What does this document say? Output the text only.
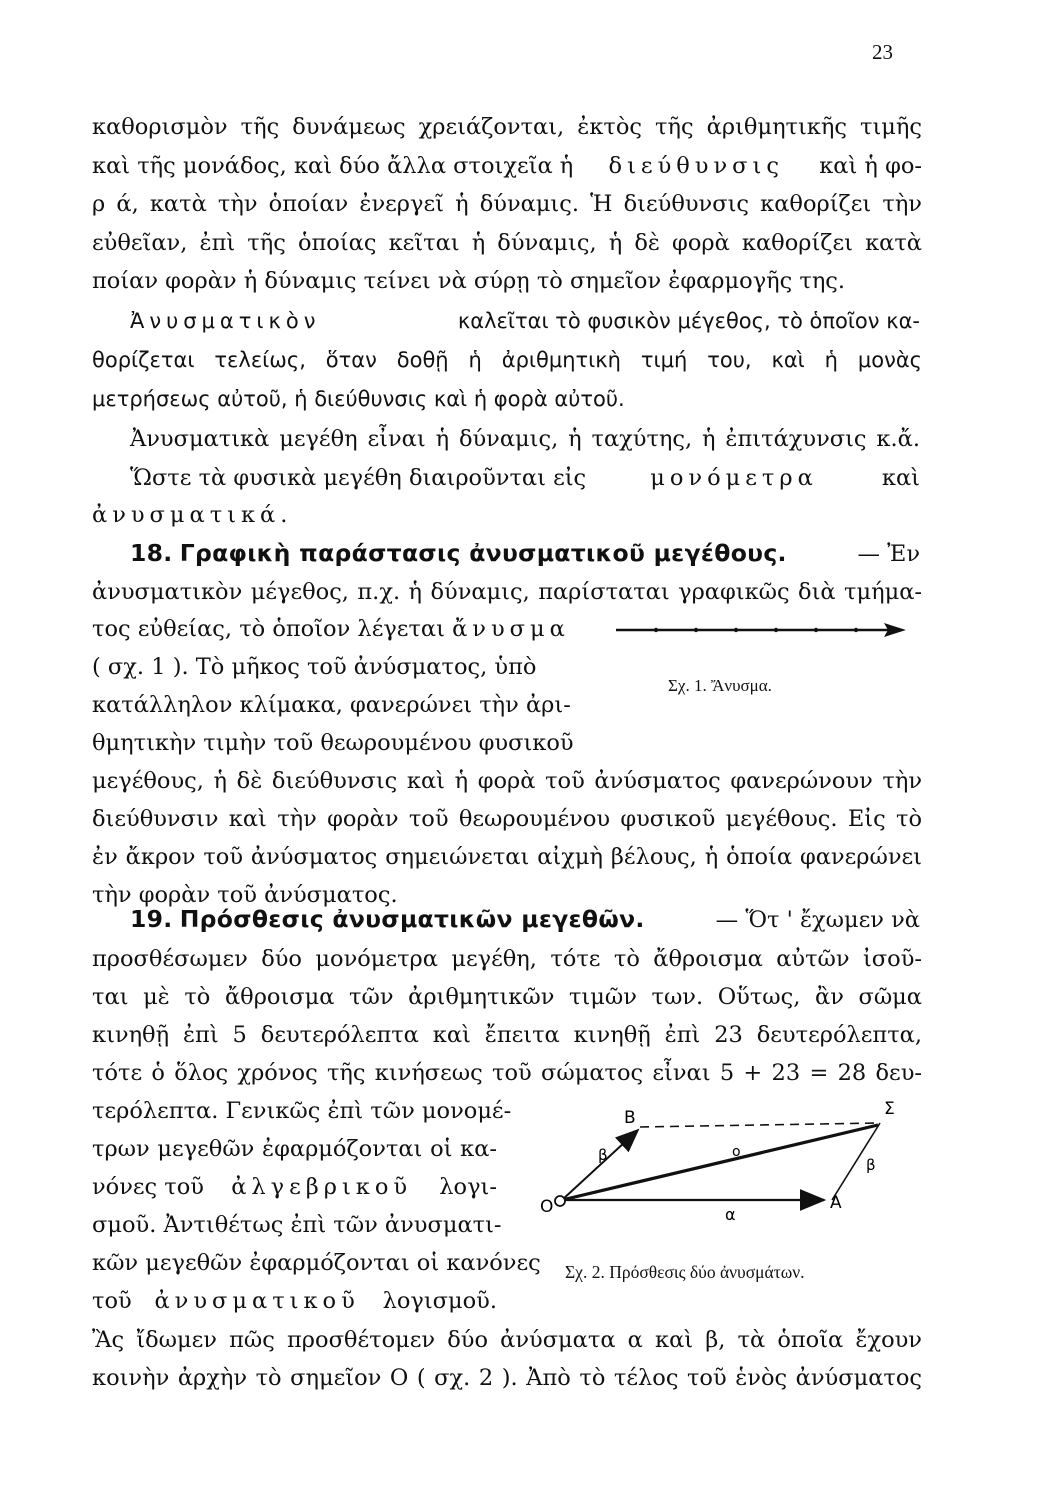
23
καθορισμὸν τῆς δυνάμεως χρειάζονται, ἐκτὸς τῆς ἀριθμητικῆς τιμῆς
καὶ τῆς μονάδος, καὶ δύο ἄλλα στοιχεῖα ἡ διεύθυνσις καὶ ἡ φο-
ρ ά, κατὰ τὴν ὁποίαν ἐνεργεῖ ἡ δύναμις. Ἡ διεύθυνσις καθορίζει τὴν
εὐθεῖαν, ἐπὶ τῆς ὁποίας κεῖται ἡ δύναμις, ἡ δὲ φορὰ καθορίζει κατὰ
ποίαν φορὰν ἡ δύναμις τείνει νὰ σύρῃ τὸ σημεῖον ἐφαρμογῆς της.
Ἀνυσματικὸν	καλεῖται τὸ φυσικὸν μέγεθος, τὸ ὁποῖον κα-
θορίζεται τελείως, ὅταν δοθῇ ἡ ἀριθμητικὴ τιμή του, καὶ ἡ μονὰς
μετρήσεως αὐτοῦ, ἡ διεύθυνσις καὶ ἡ φορὰ αὐτοῦ.
Ἀνυσματικὰ μεγέθη εἶναι ἡ δύναμις, ἡ ταχύτης, ἡ ἐπιτάχυνσις κ.ἄ.
Ὥστε τὰ φυσικὰ μεγέθη διαιροῦνται εἰς	μονόμετρα	καὶ
ἀνυσματικά.
18. Γραφικὴ παράστασις ἀνυσματικοῦ μεγέθους.	— Ἐν
ἀνυσματικὸν μέγεθος, π.χ. ἡ δύναμις, παρίσταται γραφικῶς διὰ τμήμα-
τος εὐθείας, τὸ ὁποῖον λέγεται ἄνυσμα
( σχ. 1 ). Τὸ μῆκος τοῦ ἀνύσματος, ὑπὸ
κατάλληλον κλίμακα, φανερώνει τὴν ἀρι-
θμητικὴν τιμὴν τοῦ θεωρουμένου φυσικοῦ
μεγέθους, ἡ δὲ διεύθυνσις καὶ ἡ φορὰ τοῦ ἀνύσματος φανερώνουν τὴν
διεύθυνσιν καὶ τὴν φορὰν τοῦ θεωρουμένου φυσικοῦ μεγέθους. Εἰς τὸ
ἐν ἄκρον τοῦ ἀνύσματος σημειώνεται αἰχμὴ βέλους, ἡ ὁποία φανερώνει
τὴν φορὰν τοῦ ἀνύσματος.
Σχ. 1. Ἄνυσμα.
19. Πρόσθεσις ἀνυσματικῶν μεγεθῶν.	— Ὅτ ' ἔχωμεν νὰ
προσθέσωμεν δύο μονόμετρα μεγέθη, τότε τὸ ἄθροισμα αὐτῶν ἰσοῦ-
ται μὲ τὸ ἄθροισμα τῶν ἀριθμητικῶν τιμῶν των. Οὕτως, ἂν σῶμα
κινηθῇ ἐπὶ 5 δευτερόλεπτα καὶ ἔπειτα κινηθῇ ἐπὶ 23 δευτερόλεπτα,
τότε ὁ ὅλος χρόνος τῆς κινήσεως τοῦ σώματος εἶναι 5 + 23 = 28 δευ-
τερόλεπτα. Γενικῶς ἐπὶ τῶν μονομέ-
τρων μεγεθῶν ἐφαρμόζονται οἱ κα-
νόνες τοῦ ἀλγεβρικοῦ λογι-
σμοῦ. Ἀντιθέτως ἐπὶ τῶν ἀνυσματι-
κῶν μεγεθῶν ἐφαρμόζονται οἱ κανόνες
τοῦ ἀνυσματικοῦ λογισμοῦ.
Ἂς ἴδωμεν πῶς προσθέτομεν δύο ἀνύσματα α καὶ β, τὰ ὁποῖα ἔχουν
κοινὴν ἀρχὴν τὸ σημεῖον Ο ( σχ. 2 ). Ἀπὸ τὸ τέλος τοῦ ἑνὸς ἀνύσματος
O	A
B	Σ
α
β
β
ο
Σχ. 2. Πρόσθεσις δύο ἀνυσμάτων.
